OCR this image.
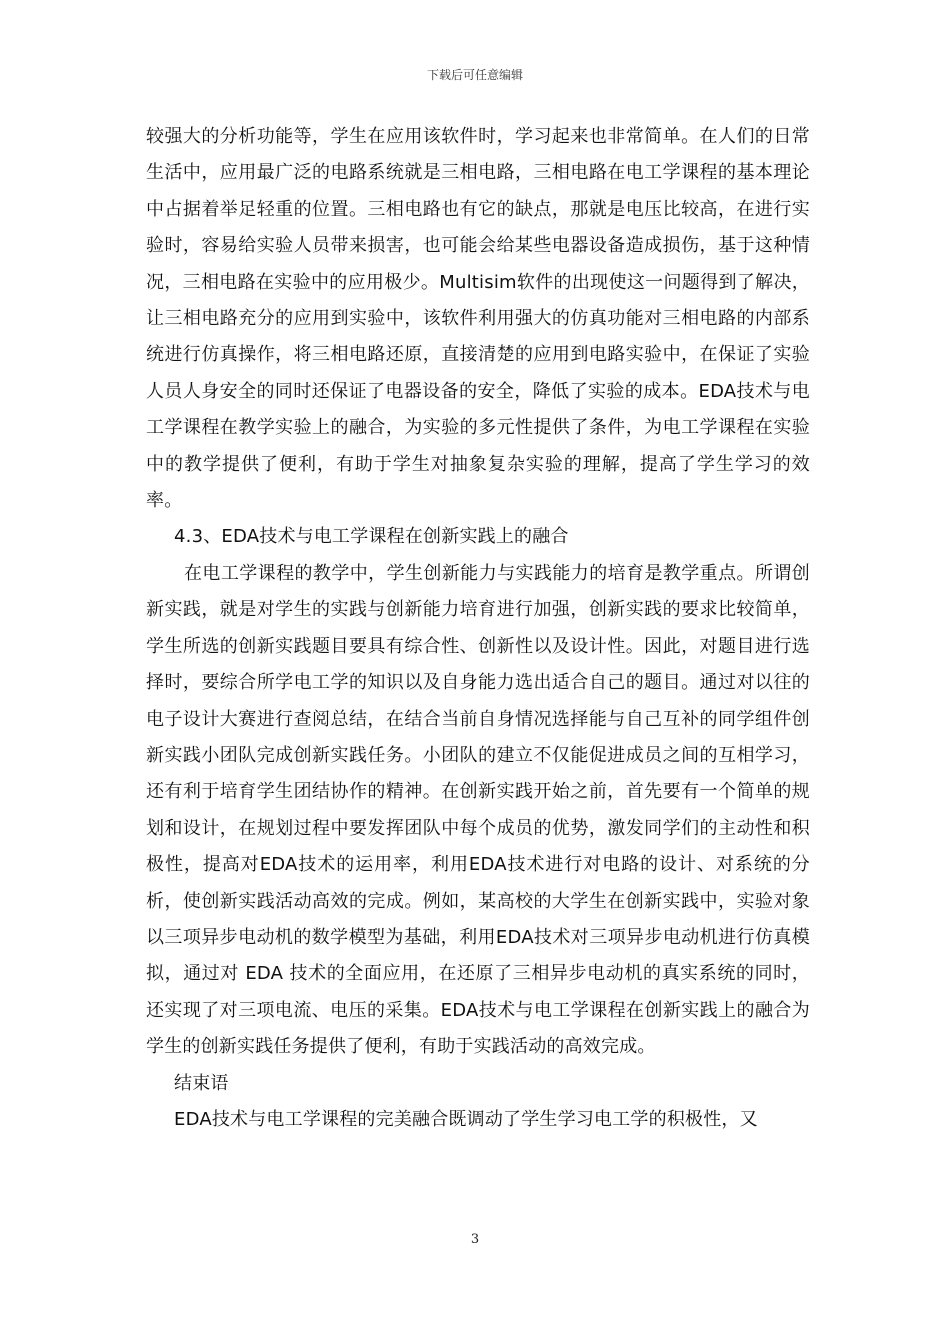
下载后可任意编辑

较强大的分析功能等，学生在应用该软件时，学习起来也非常简单。在人们的日常生活中，应用最广泛的电路系统就是三相电路，三相电路在电工学课程的基本理论中占据着举足轻重的位置。三相电路也有它的缺点，那就是电压比较高，在进行实验时，容易给实验人员带来损害，也可能会给某些电器设备造成损伤，基于这种情况，三相电路在实验中的应用极少。Multisim软件的出现使这一问题得到了解决，让三相电路充分的应用到实验中，该软件利用强大的仿真功能对三相电路的内部系统进行仿真操作，将三相电路还原，直接清楚的应用到电路实验中，在保证了实验人员人身安全的同时还保证了电器设备的安全，降低了实验的成本。EDA技术与电工学课程在教学实验上的融合，为实验的多元性提供了条件，为电工学课程在实验中的教学提供了便利，有助于学生对抽象复杂实验的理解，提高了学生学习的效率。

4.3、EDA技术与电工学课程在创新实践上的融合

在电工学课程的教学中，学生创新能力与实践能力的培育是教学重点。所谓创新实践，就是对学生的实践与创新能力培育进行加强，创新实践的要求比较简单，学生所选的创新实践题目要具有综合性、创新性以及设计性。因此，对题目进行选择时，要综合所学电工学的知识以及自身能力选出适合自己的题目。通过对以往的电子设计大赛进行查阅总结，在结合当前自身情况选择能与自己互补的同学组件创新实践小团队完成创新实践任务。小团队的建立不仅能促进成员之间的互相学习，还有利于培育学生团结协作的精神。在创新实践开始之前，首先要有一个简单的规划和设计，在规划过程中要发挥团队中每个成员的优势，激发同学们的主动性和积极性，提高对EDA技术的运用率，利用EDA技术进行对电路的设计、对系统的分析，使创新实践活动高效的完成。例如，某高校的大学生在创新实践中，实验对象以三项异步电动机的数学模型为基础，利用EDA技术对三项异步电动机进行仿真模拟，通过对 EDA 技术的全面应用，在还原了三相异步电动机的真实系统的同时，还实现了对三项电流、电压的采集。EDA技术与电工学课程在创新实践上的融合为学生的创新实践任务提供了便利，有助于实践活动的高效完成。

结束语

EDA技术与电工学课程的完美融合既调动了学生学习电工学的积极性，又

3
